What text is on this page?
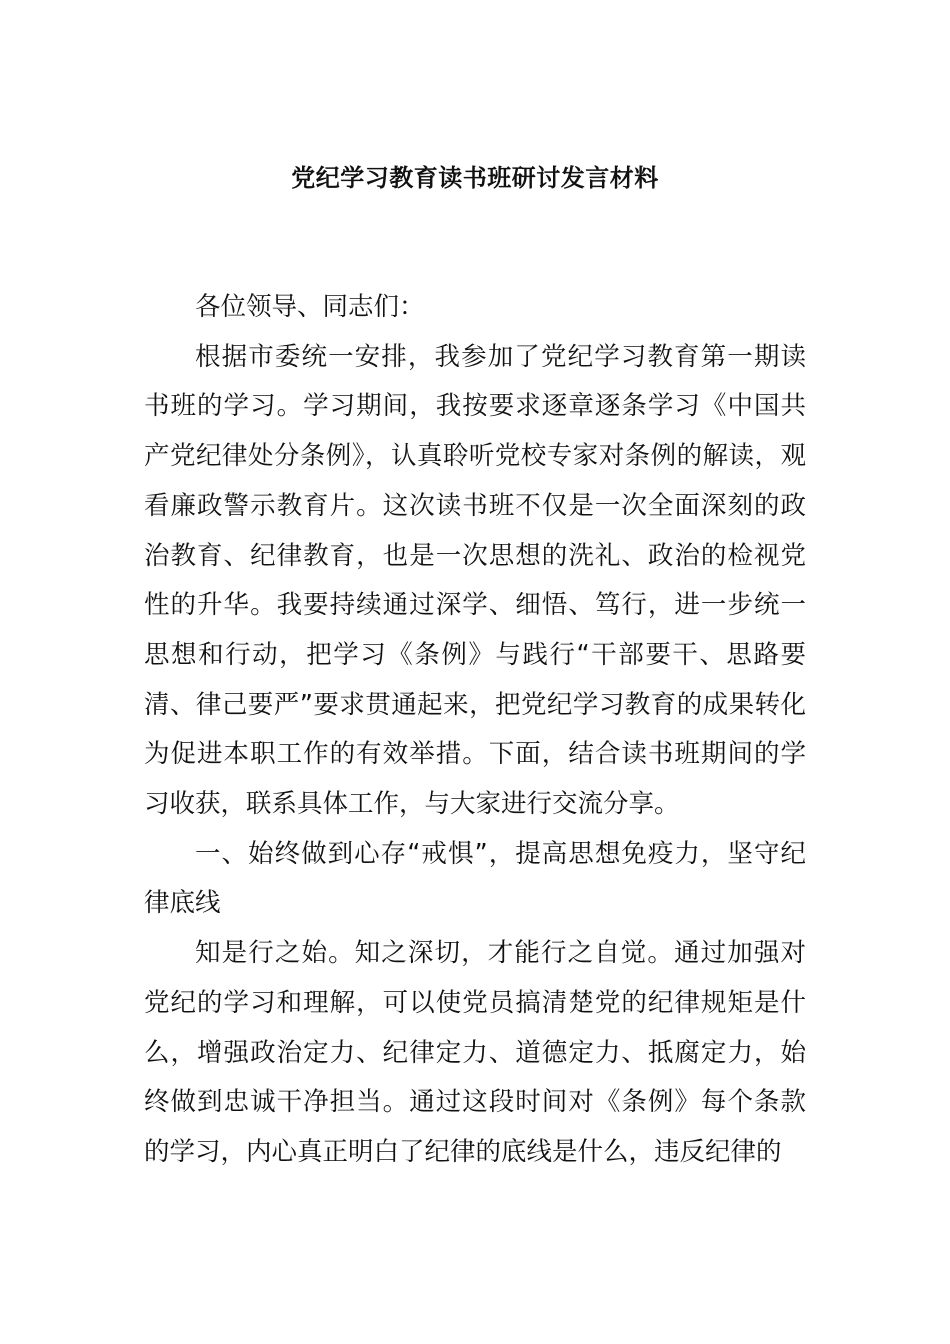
党纪学习教育读书班研讨发言材料

各位领导、同志们：

根据市委统一安排，我参加了党纪学习教育第一期读书班的学习。学习期间，我按要求逐章逐条学习《中国共产党纪律处分条例》，认真聆听党校专家对条例的解读，观看廉政警示教育片。这次读书班不仅是一次全面深刻的政治教育、纪律教育，也是一次思想的洗礼、政治的检视党性的升华。我要持续通过深学、细悟、笃行，进一步统一思想和行动，把学习《条例》与践行“干部要干、思路要清、律己要严”要求贯通起来，把党纪学习教育的成果转化为促进本职工作的有效举措。下面，结合读书班期间的学习收获，联系具体工作，与大家进行交流分享。

一、始终做到心存“戒惧”，提高思想免疫力，坚守纪律底线

知是行之始。知之深切，才能行之自觉。通过加强对党纪的学习和理解，可以使党员搞清楚党的纪律规矩是什么，增强政治定力、纪律定力、道德定力、抵腐定力，始终做到忠诚干净担当。通过这段时间对《条例》每个条款的学习，内心真正明白了纪律的底线是什么，违反纪律的
